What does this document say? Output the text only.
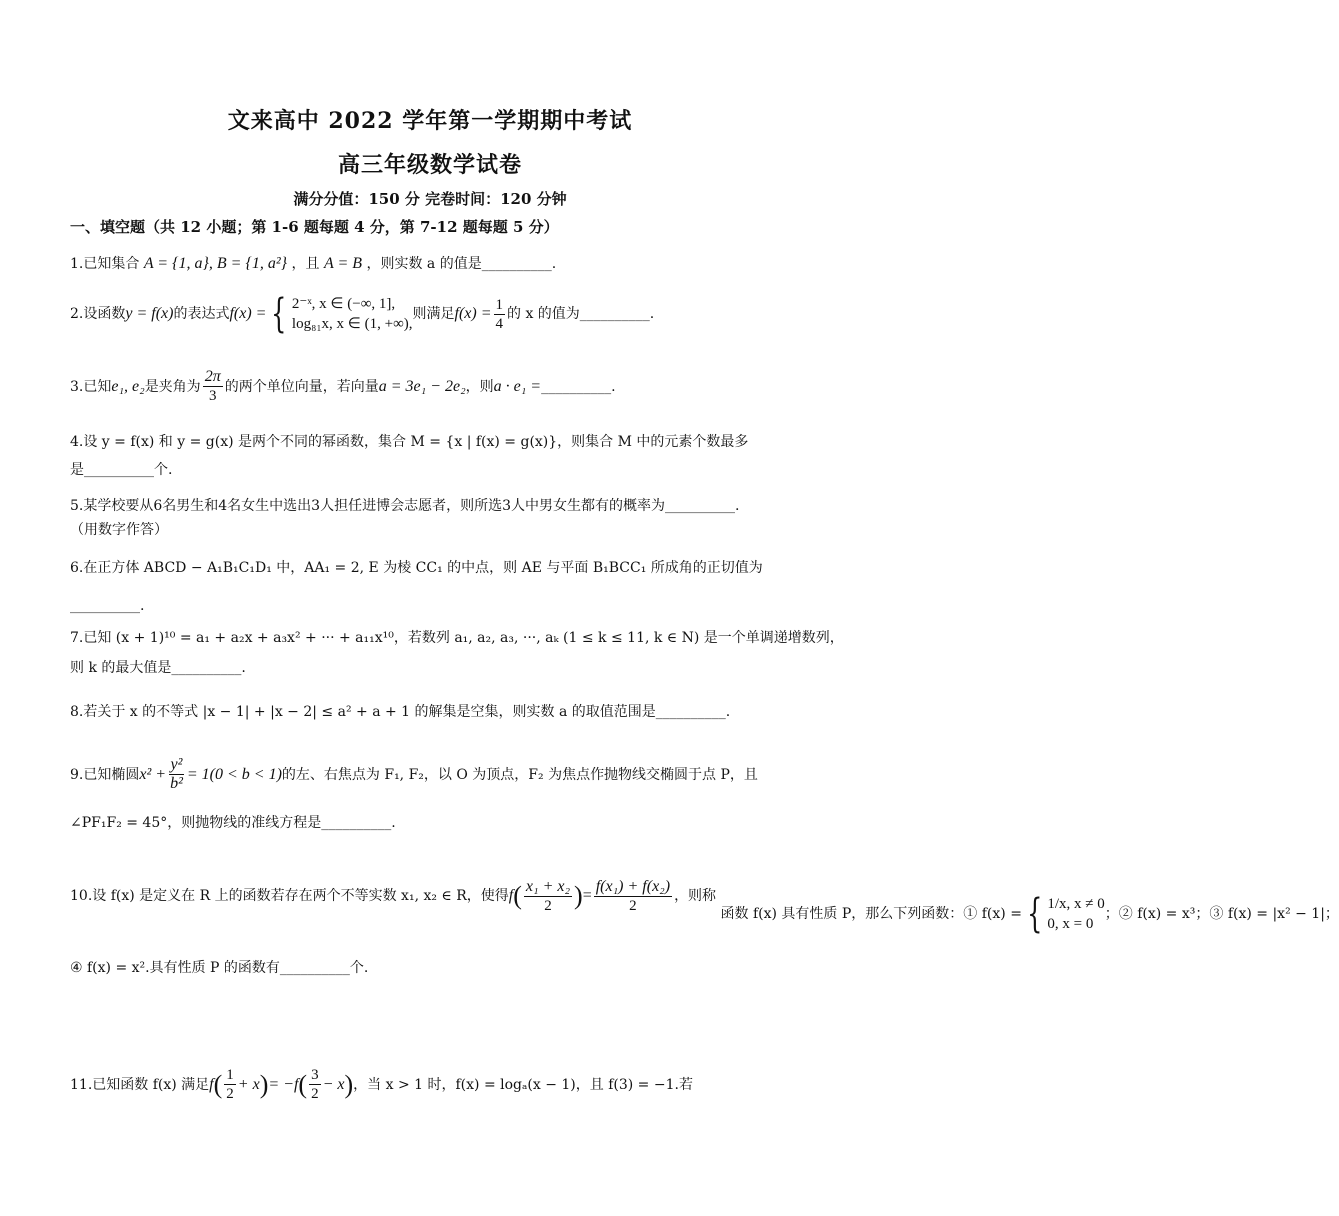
文来高中 2022 学年第一学期期中考试
高三年级数学试卷
满分分值：150 分 完卷时间：120 分钟
一、填空题（共 12 小题；第 1-6 题每题 4 分，第 7-12 题每题 5 分）
1.已知集合 A = {1, a}, B = {1, a²} ，且 A = B ，则实数 a 的值是__________.
2.设函数 y = f(x) 的表达式 f(x) = { 2⁻ˣ, x ∈ (−∞, 1],
log₈₁x, x ∈ (1, +∞),
则满足 $f(x) = \frac{1}{4}$ 的 x 的值为__________.
3.已知 e₁, e₂ 是夹角为 $\frac{2\pi}{3}$ 的两个单位向量，若向量 a = 3e₁ − 2e₂ ，则 a · e₁ = __________.
4.设 y = f(x) 和 y = g(x) 是两个不同的幂函数，集合 M = {x | f(x) = g(x)}，则集合 M 中的元素个数最多
是__________个.
5.某学校要从6名男生和4名女生中选出3人担任进博会志愿者，则所选3人中男女生都有的概率为__________.
（用数字作答）
6.在正方体 ABCD − A₁B₁C₁D₁ 中，AA₁ = 2, E 为棱 CC₁ 的中点，则 AE 与平面 B₁BCC₁ 所成角的正切值为
__________.
7.已知 (x + 1)¹⁰ = a₁ + a₂x + a₃x² + ··· + a₁₁x¹⁰，若数列 a₁, a₂, a₃, ···, aₖ (1 ≤ k ≤ 11, k ∈ N) 是一个单调递增数列，
则 k 的最大值是__________.
8.若关于 x 的不等式 |x − 1| + |x − 2| ≤ a² + a + 1 的解集是空集，则实数 a 的取值范围是__________.
9.已知椭圆 $x^2 + \frac{\text{y²}}{\text{b²}} = 1(0 < b < 1)$ 的左、右焦点为 F₁, F₂，以 O 为顶点，F₂ 为焦点作抛物线交椭圆于点 P，且
∠PF₁F₂ = 45°，则抛物线的准线方程是__________.
10.设 f(x) 是定义在 R 上的函数若存在两个不等实数 x₁, x₂ ∈ R，使得 f ( $\frac{\text{x₁ + x₂}}{2}$ ) = $\frac{\text{f(x₁) + f(x₂)}}{2}$ ，则称

函数 f(x) 具有性质 P，那么下列函数：① f(x) = { 1/x, x ≠ 0
0, x = 0
；② f(x) = x³；③ f(x) = |x² − 1|；
④ f(x) = x².具有性质 P 的函数有__________个.
11.已知函数 f(x) 满足 f ( $\frac{1}{2} + x$ ) = −f ( $\frac{3}{2} - x$ ) ，当 x > 1 时，f(x) = logₐ(x − 1)，且 f(3) = −1.若
